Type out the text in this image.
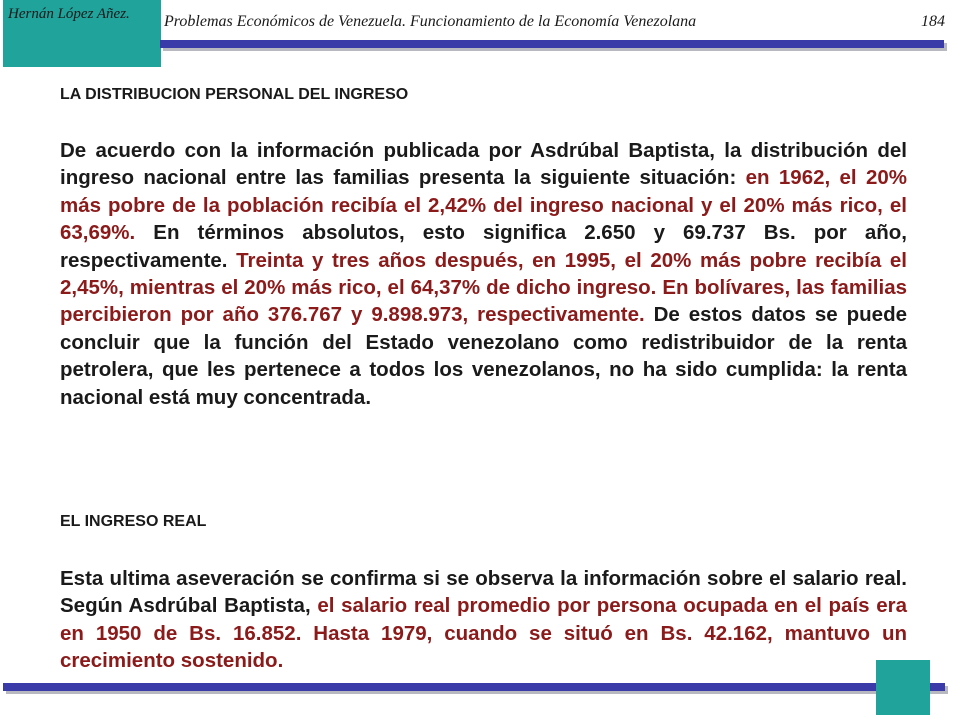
Hernán López Añez. Problemas Económicos de Venezuela. Funcionamiento de la Economía Venezolana	184
LA DISTRIBUCION PERSONAL DEL INGRESO

De acuerdo con la información publicada por Asdrúbal Baptista, la distribución del ingreso nacional entre las familias presenta la siguiente situación: en 1962, el 20% más pobre de la población recibía el 2,42% del ingreso nacional y el 20% más rico, el 63,69%. En términos absolutos, esto significa 2.650 y 69.737 Bs. por año, respectivamente. Treinta y tres años después, en 1995, el 20% más pobre recibía el 2,45%, mientras el 20% más rico, el 64,37% de dicho ingreso. En bolívares, las familias percibieron por año 376.767 y 9.898.973, respectivamente. De estos datos se puede concluir que la función del Estado venezolano como redistribuidor de la renta petrolera, que les pertenece a todos los venezolanos, no ha sido cumplida: la renta nacional está muy concentrada.

EL INGRESO REAL

Esta ultima aseveración se confirma si se observa la información sobre el salario real. Según Asdrúbal Baptista, el salario real promedio por persona ocupada en el país era en 1950 de Bs. 16.852. Hasta 1979, cuando se situó en Bs. 42.162, mantuvo un crecimiento sostenido.
